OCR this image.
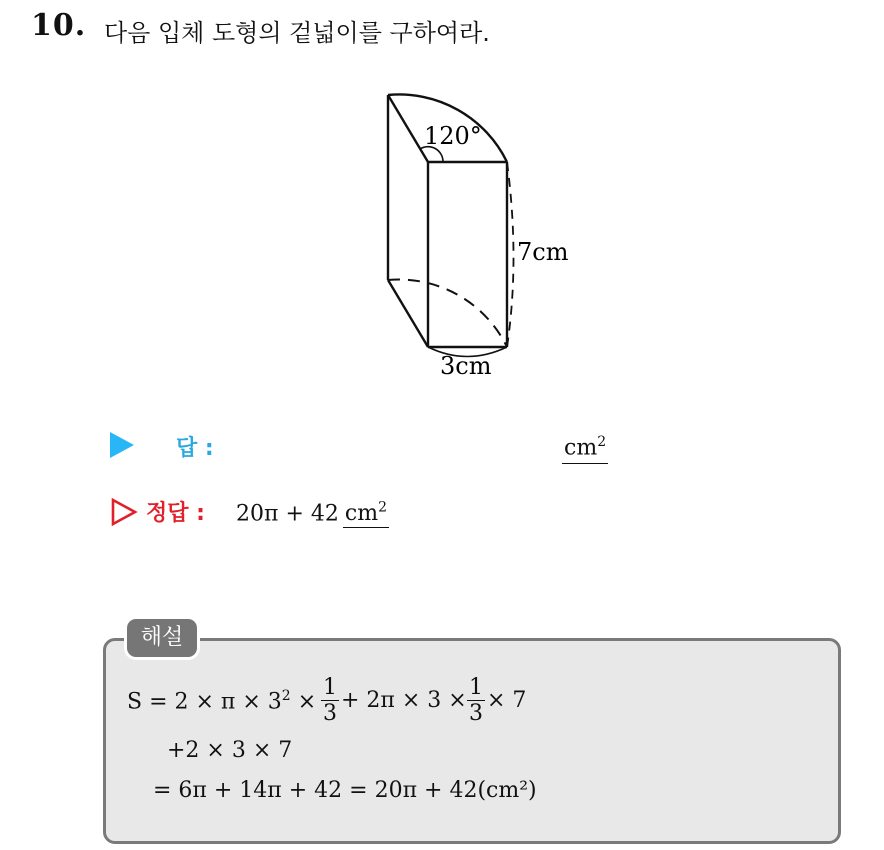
10. 다음 입체 도형의 겉넓이를 구하여라.
120°
7cm
3cm
답 :	$cm^2$
정답 : 20π + 42 $cm^2$
해설
$S = 2 \times \pi \times 3^2 \times \frac{1}{3} + 2\pi \times 3 \times \frac{1}{3} \times 7$
+2 × 3 × 7
= 6π + 14π + 42 = 20π + 42(cm²)
